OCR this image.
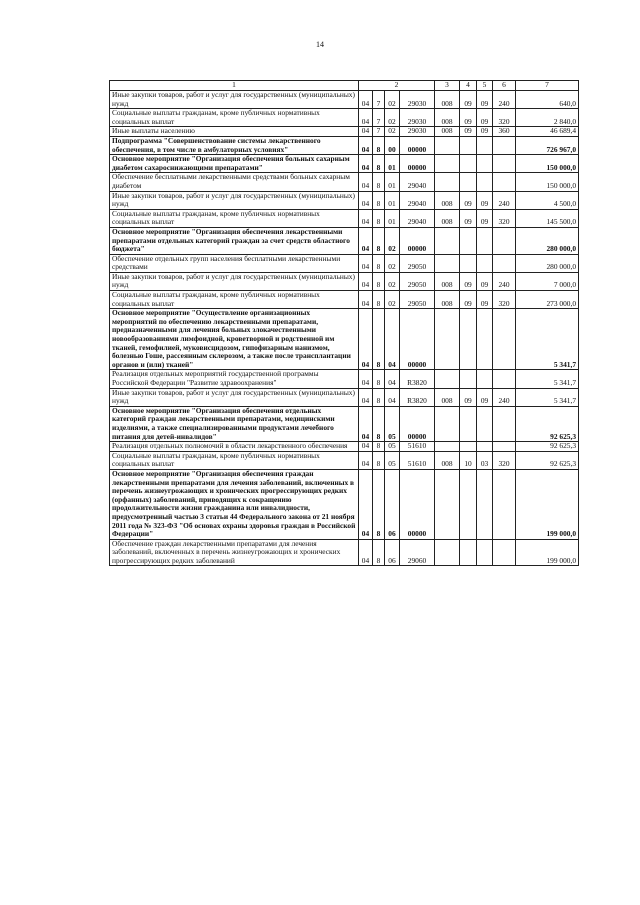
14
1	2				3	4	5	6	7
Иные закупки товаров, работ и услуг для государственных (муниципальных) нужд	04	7	02	29030	008	09	09	240	640,0
Социальные выплаты гражданам, кроме публичных нормативных социальных выплат	04	7	02	29030	008	09	09	320	2 840,0
Иные выплаты населению	04	7	02	29030	008	09	09	360	46 689,4
Подпрограмма "Совершенствование системы лекарственного обеспечения, в том числе в амбулаторных условиях"	04	8	00	00000					726 967,0
Основное мероприятие "Организация обеспечения больных сахарным диабетом сахароснижающими препаратами"	04	8	01	00000					150 000,0
Обеспечение бесплатными лекарственными средствами больных сахарным диабетом	04	8	01	29040					150 000,0
Иные закупки товаров, работ и услуг для государственных (муниципальных) нужд	04	8	01	29040	008	09	09	240	4 500,0
Социальные выплаты гражданам, кроме публичных нормативных социальных выплат	04	8	01	29040	008	09	09	320	145 500,0
Основное мероприятие "Организация обеспечения лекарственными препаратами отдельных категорий граждан за счет средств областного бюджета"	04	8	02	00000					280 000,0
Обеспечение отдельных групп населения бесплатными лекарственными средствами	04	8	02	29050					280 000,0
Иные закупки товаров, работ и услуг для государственных (муниципальных) нужд	04	8	02	29050	008	09	09	240	7 000,0
Социальные выплаты гражданам, кроме публичных нормативных социальных выплат	04	8	02	29050	008	09	09	320	273 000,0
Основное мероприятие "Осуществление организационных мероприятий по обеспечению лекарственными препаратами, предназначенными для лечения больных злокачественными новообразованиями лимфоидной, кроветворной и родственной им тканей, гемофилией, муковисцидозом, гипофизарным нанизмом, болезнью Гоше, рассеянным склерозом, а также после трансплантации органов и (или) тканей"	04	8	04	00000					5 341,7
Реализация отдельных мероприятий государственной программы Российской Федерации "Развитие здравоохранения"	04	8	04	R3820					5 341,7
Иные закупки товаров, работ и услуг для государственных (муниципальных) нужд	04	8	04	R3820	008	09	09	240	5 341,7
Основное мероприятие "Организация обеспечения отдельных категорий граждан лекарственными препаратами, медицинскими изделиями, а также специализированными продуктами лечебного питания для детей-инвалидов"	04	8	05	00000					92 625,3
Реализация отдельных полномочий в области лекарственного обеспечения	04	8	05	51610					92 625,3
Социальные выплаты гражданам, кроме публичных нормативных социальных выплат	04	8	05	51610	008	10	03	320	92 625,3
Основное мероприятие "Организация обеспечения граждан лекарственными препаратами для лечения заболеваний, включенных в перечень жизнеугрожающих и хронических прогрессирующих редких (орфанных) заболеваний, приводящих к сокращению продолжительности жизни гражданина или инвалидности, предусмотренный частью 3 статьи 44 Федерального закона от 21 ноября 2011 года № 323-ФЗ "Об основах охраны здоровья граждан в Российской Федерации"	04	8	06	00000					199 000,0
Обеспечение граждан лекарственными препаратами для лечения заболеваний, включенных в перечень жизнеугрожающих и хронических прогрессирующих редких заболеваний	04	8	06	29060					199 000,0
